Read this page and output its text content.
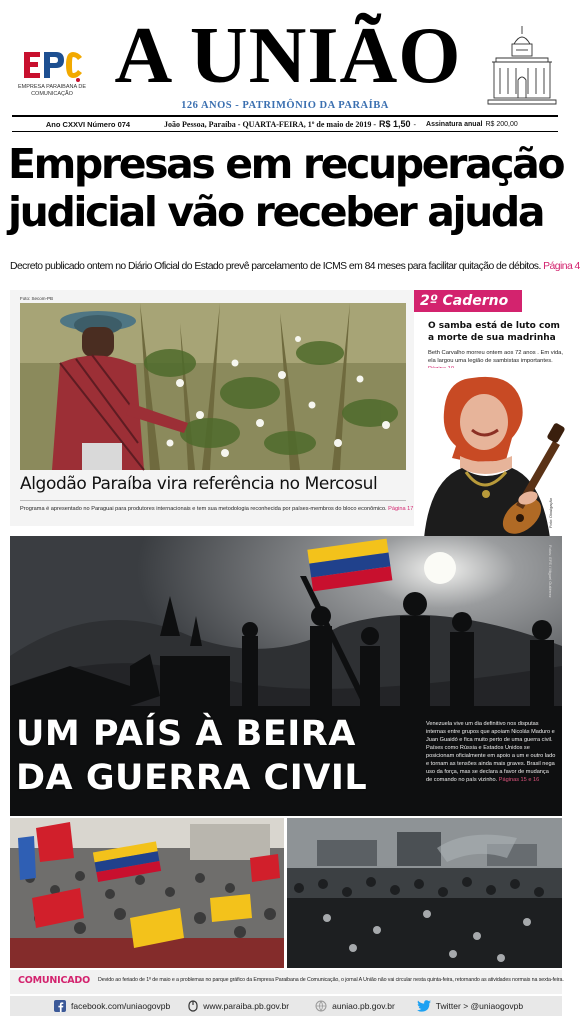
EMPRESA PARAIBANA DE COMUNICAÇÃO A UNIÃO
126 ANOS - PATRIMÔNIO DA PARAÍBA
Ano CXXVI Número 074	João Pessoa, Paraíba - QUARTA-FEIRA, 1º de maio de 2019 - R$ 1,50 - Assinatura anual R$ 200,00
Empresas em recuperação
judicial vão receber ajuda
Decreto publicado ontem no Diário Oficial do Estado prevê parcelamento de ICMS em 84 meses para facilitar quitação de débitos. Página 4
Foto: Secom-PB
Algodão Paraíba vira referência no Mercosul
Programa é apresentado no Paraguai para produtores internacionais e tem sua metodologia reconhecida por países-membros do bloco econômico. Página 17
2º Caderno
O samba está de luto com a morte de sua madrinha
Beth Carvalho morreu ontem aos 72 anos . Em vida, ela largou uma legião de sambistas importantes.
Foto: Divulgação
Fotos: EFE / Miguel Gutiérrez
UM PAÍS À BEIRA
DA GUERRA CIVIL
Venezuela vive um dia definitivo nos disputas internas entre grupos que apoiam Nicolás Maduro e Juan Guaidó e fica muito perto de uma guerra civil. Países como Rússia e Estados Unidos se posicionam oficialmente em apoio a um e outro lado e tornam as tensões ainda mais graves. Brasil nega uso da força, mas se declara a favor de mudança de comando no país vizinho. Páginas 15 e 16
COMUNICADO Devido ao feriado de 1º de maio e a problemas no parque gráfico da Empresa Paraibana de Comunicação, o jornal A União não vai circular nesta quinta-feira, retornando as atividades normais na sexta-feira.
facebook.com/uniaogovpb	www.paraiba.pb.gov.br	auniao.pb.gov.br	Twitter > @uniaogovpb
